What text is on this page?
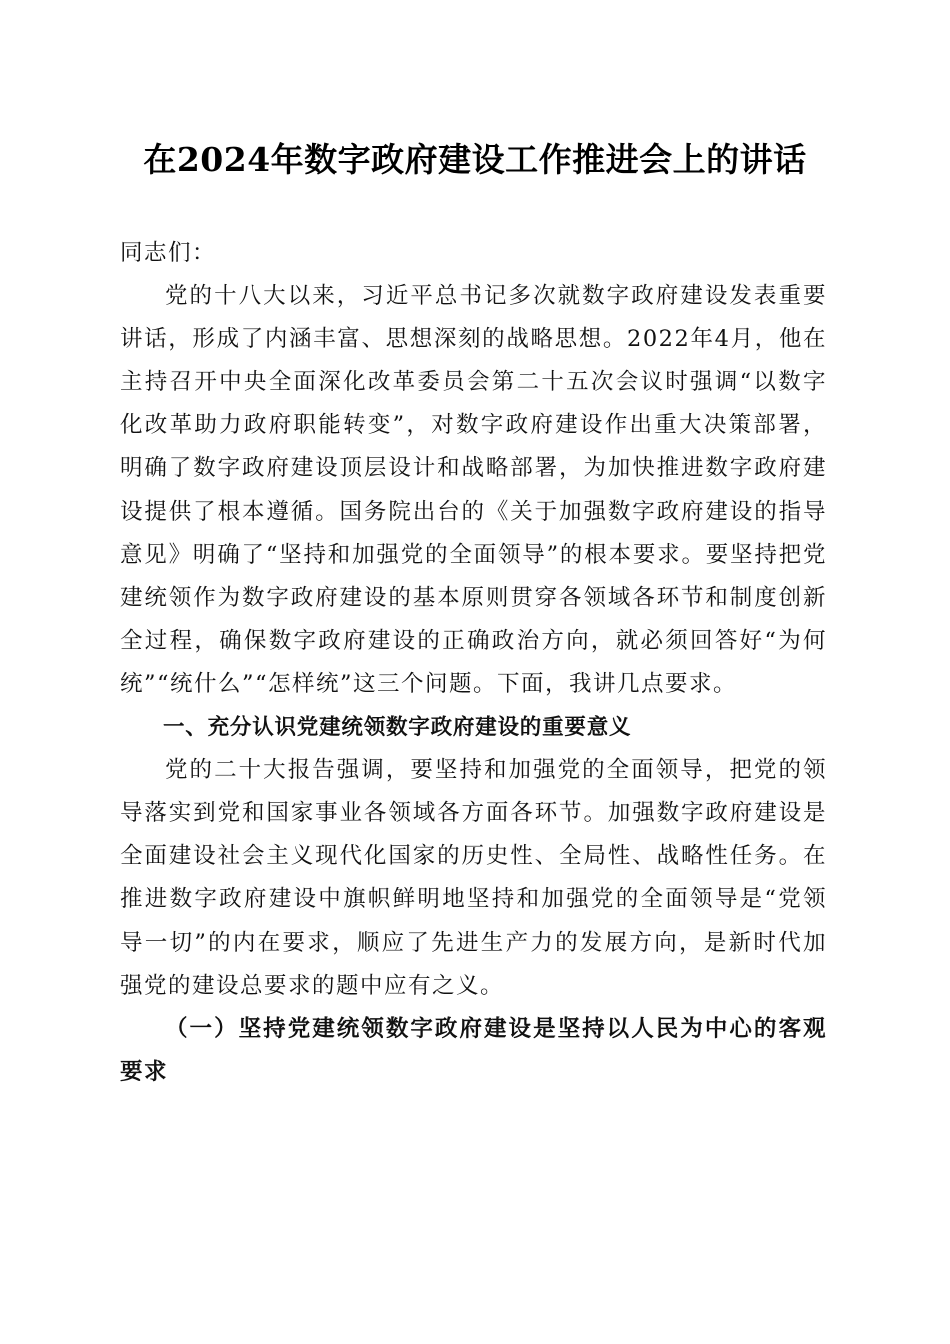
在2024年数字政府建设工作推进会上的讲话

同志们：

党的十八大以来，习近平总书记多次就数字政府建设发表重要讲话，形成了内涵丰富、思想深刻的战略思想。2022年4月，他在主持召开中央全面深化改革委员会第二十五次会议时强调“以数字化改革助力政府职能转变”，对数字政府建设作出重大决策部署，明确了数字政府建设顶层设计和战略部署，为加快推进数字政府建设提供了根本遵循。国务院出台的《关于加强数字政府建设的指导意见》明确了“坚持和加强党的全面领导”的根本要求。要坚持把党建统领作为数字政府建设的基本原则贯穿各领域各环节和制度创新全过程，确保数字政府建设的正确政治方向，就必须回答好“为何统”“统什么”“怎样统”这三个问题。下面，我讲几点要求。

一、充分认识党建统领数字政府建设的重要意义

党的二十大报告强调，要坚持和加强党的全面领导，把党的领导落实到党和国家事业各领域各方面各环节。加强数字政府建设是全面建设社会主义现代化国家的历史性、全局性、战略性任务。在推进数字政府建设中旗帜鲜明地坚持和加强党的全面领导是“党领导一切”的内在要求，顺应了先进生产力的发展方向，是新时代加强党的建设总要求的题中应有之义。

（一）坚持党建统领数字政府建设是坚持以人民为中心的客观要求
